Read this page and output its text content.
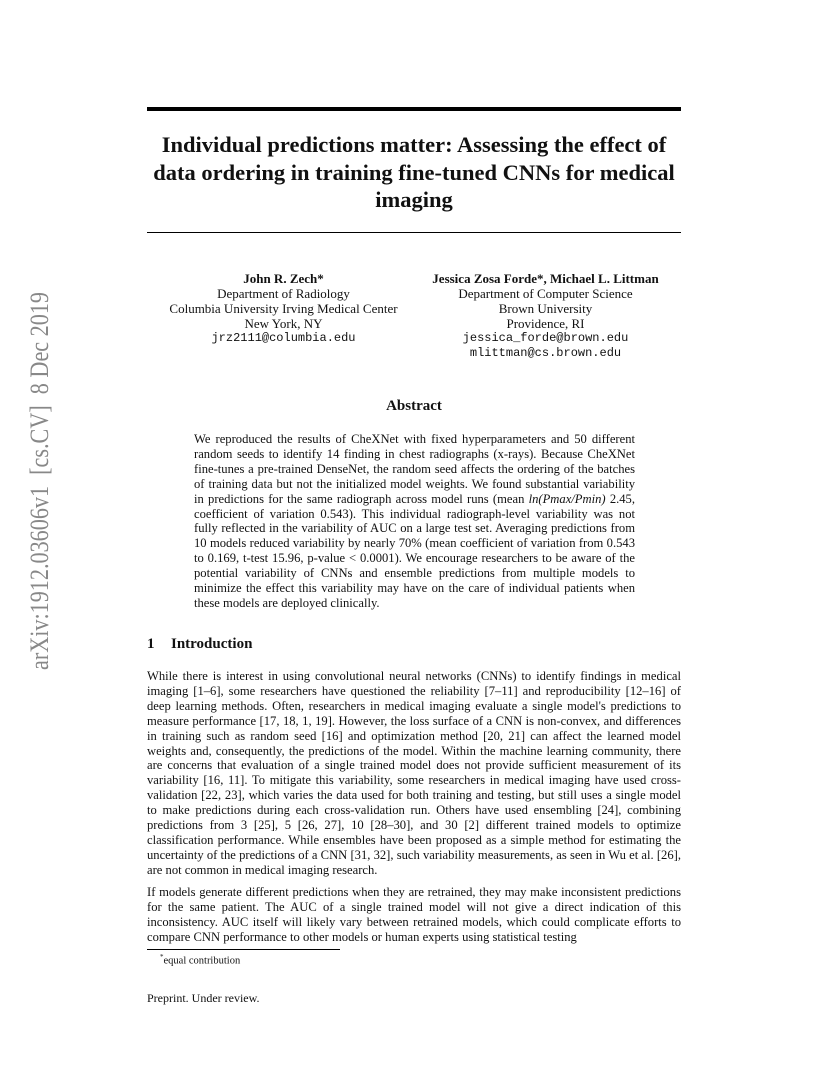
arXiv:1912.03606v1  [cs.CV]  8 Dec 2019
Individual predictions matter: Assessing the effect of data ordering in training fine-tuned CNNs for medical imaging
John R. Zech*
Department of Radiology
Columbia University Irving Medical Center
New York, NY
jrz2111@columbia.edu
Jessica Zosa Forde*, Michael L. Littman
Department of Computer Science
Brown University
Providence, RI
jessica_forde@brown.edu
mlittman@cs.brown.edu
Abstract

We reproduced the results of CheXNet with fixed hyperparameters and 50 different random seeds to identify 14 finding in chest radiographs (x-rays). Because CheXNet fine-tunes a pre-trained DenseNet, the random seed affects the ordering of the batches of training data but not the initialized model weights. We found substantial variability in predictions for the same radiograph across model runs (mean ln(Pmax/Pmin) 2.45, coefficient of variation 0.543). This individual radiograph-level variability was not fully reflected in the variability of AUC on a large test set. Averaging predictions from 10 models reduced variability by nearly 70% (mean coefficient of variation from 0.543 to 0.169, t-test 15.96, p-value < 0.0001). We encourage researchers to be aware of the potential variability of CNNs and ensemble predictions from multiple models to minimize the effect this variability may have on the care of individual patients when these models are deployed clinically.

1 Introduction

While there is interest in using convolutional neural networks (CNNs) to identify findings in medical imaging [1–6], some researchers have questioned the reliability [7–11] and reproducibility [12–16] of deep learning methods. Often, researchers in medical imaging evaluate a single model's predictions to measure performance [17, 18, 1, 19]. However, the loss surface of a CNN is non-convex, and differences in training such as random seed [16] and optimization method [20, 21] can affect the learned model weights and, consequently, the predictions of the model. Within the machine learning community, there are concerns that evaluation of a single trained model does not provide sufficient measurement of its variability [16, 11]. To mitigate this variability, some researchers in medical imaging have used cross-validation [22, 23], which varies the data used for both training and testing, but still uses a single model to make predictions during each cross-validation run. Others have used ensembling [24], combining predictions from 3 [25], 5 [26, 27], 10 [28–30], and 30 [2] different trained models to optimize classification performance. While ensembles have been proposed as a simple method for estimating the uncertainty of the predictions of a CNN [31, 32], such variability measurements, as seen in Wu et al. [26], are not common in medical imaging research.

If models generate different predictions when they are retrained, they may make inconsistent predictions for the same patient. The AUC of a single trained model will not give a direct indication of this inconsistency. AUC itself will likely vary between retrained models, which could complicate efforts to compare CNN performance to other models or human experts using statistical testing

*equal contribution
Preprint. Under review.
